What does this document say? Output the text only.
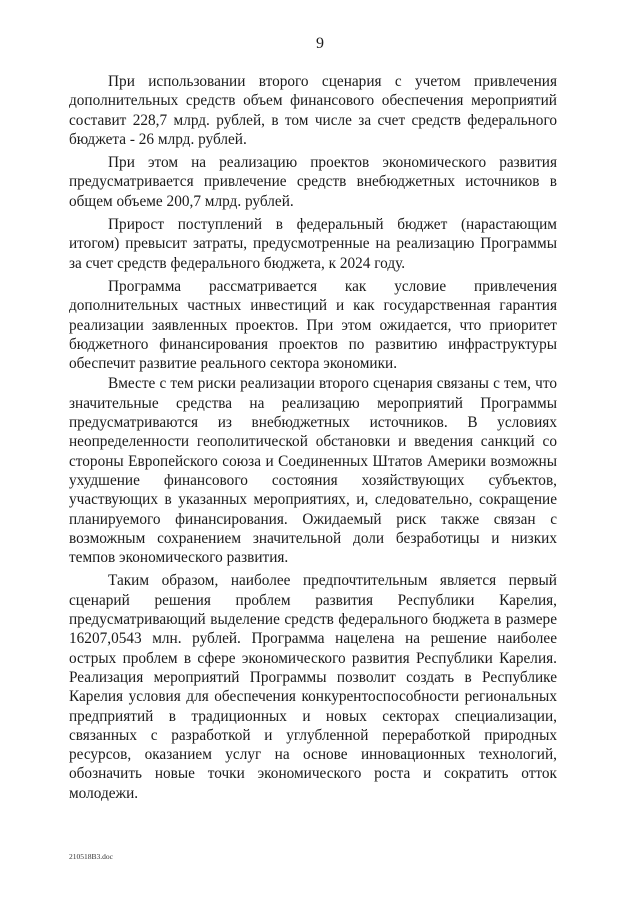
9

При использовании второго сценария с учетом привлечения дополнительных средств объем финансового обеспечения мероприятий составит 228,7 млрд. рублей, в том числе за счет средств федерального бюджета - 26 млрд. рублей.

При этом на реализацию проектов экономического развития предусматривается привлечение средств внебюджетных источников в общем объеме 200,7 млрд. рублей.

Прирост поступлений в федеральный бюджет (нарастающим итогом) превысит затраты, предусмотренные на реализацию Программы за счет средств федерального бюджета, к 2024 году.

Программа рассматривается как условие привлечения дополнительных частных инвестиций и как государственная гарантия реализации заявленных проектов. При этом ожидается, что приоритет бюджетного финансирования проектов по развитию инфраструктуры обеспечит развитие реального сектора экономики.

Вместе с тем риски реализации второго сценария связаны с тем, что значительные средства на реализацию мероприятий Программы предусматриваются из внебюджетных источников. В условиях неопределенности геополитической обстановки и введения санкций со стороны Европейского союза и Соединенных Штатов Америки возможны ухудшение финансового состояния хозяйствующих субъектов, участвующих в указанных мероприятиях, и, следовательно, сокращение планируемого финансирования. Ожидаемый риск также связан с возможным сохранением значительной доли безработицы и низких темпов экономического развития.

Таким образом, наиболее предпочтительным является первый сценарий решения проблем развития Республики Карелия, предусматривающий выделение средств федерального бюджета в размере 16207,0543 млн. рублей. Программа нацелена на решение наиболее острых проблем в сфере экономического развития Республики Карелия. Реализация мероприятий Программы позволит создать в Республике Карелия условия для обеспечения конкурентоспособности региональных предприятий в традиционных и новых секторах специализации, связанных с разработкой и углубленной переработкой природных ресурсов, оказанием услуг на основе инновационных технологий, обозначить новые точки экономического роста и сократить отток молодежи.

210518B3.doc
